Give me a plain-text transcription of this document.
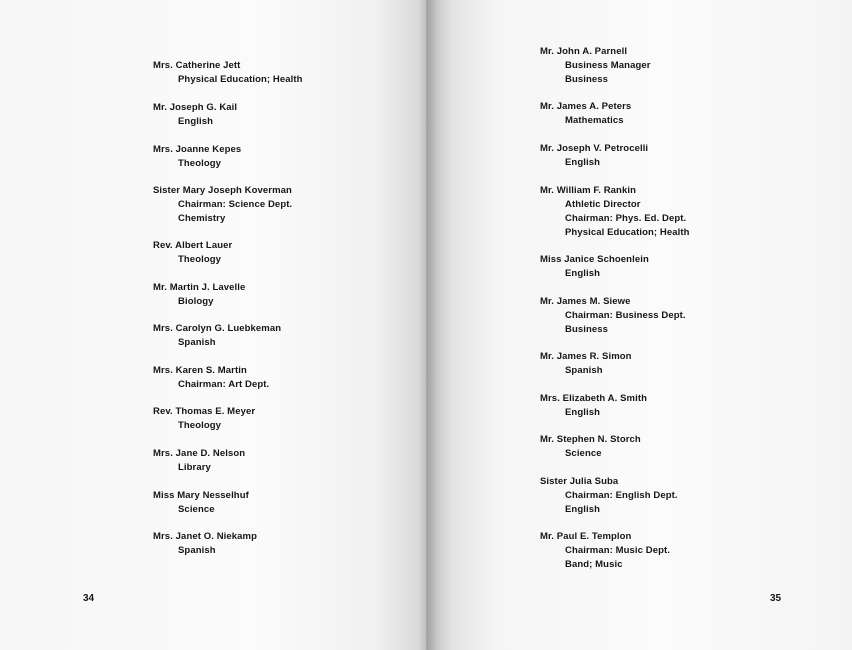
Mrs. Catherine Jett
Physical Education; Health
Mr. Joseph G. Kail
English
Mrs. Joanne Kepes
Theology
Sister Mary Joseph Koverman
Chairman: Science Dept.
Chemistry
Rev. Albert Lauer
Theology
Mr. Martin J. Lavelle
Biology
Mrs. Carolyn G. Luebkeman
Spanish
Mrs. Karen S. Martin
Chairman: Art Dept.
Rev. Thomas E. Meyer
Theology
Mrs. Jane D. Nelson
Library
Miss Mary Nesselhuf
Science
Mrs. Janet O. Niekamp
Spanish
34
Mr. John A. Parnell
Business Manager
Business
Mr. James A. Peters
Mathematics
Mr. Joseph V. Petrocelli
English
Mr. William F. Rankin
Athletic Director
Chairman: Phys. Ed. Dept.
Physical Education; Health
Miss Janice Schoenlein
English
Mr. James M. Siewe
Chairman: Business Dept.
Business
Mr. James R. Simon
Spanish
Mrs. Elizabeth A. Smith
English
Mr. Stephen N. Storch
Science
Sister Julia Suba
Chairman: English Dept.
English
Mr. Paul E. Templon
Chairman: Music Dept.
Band; Music
35
